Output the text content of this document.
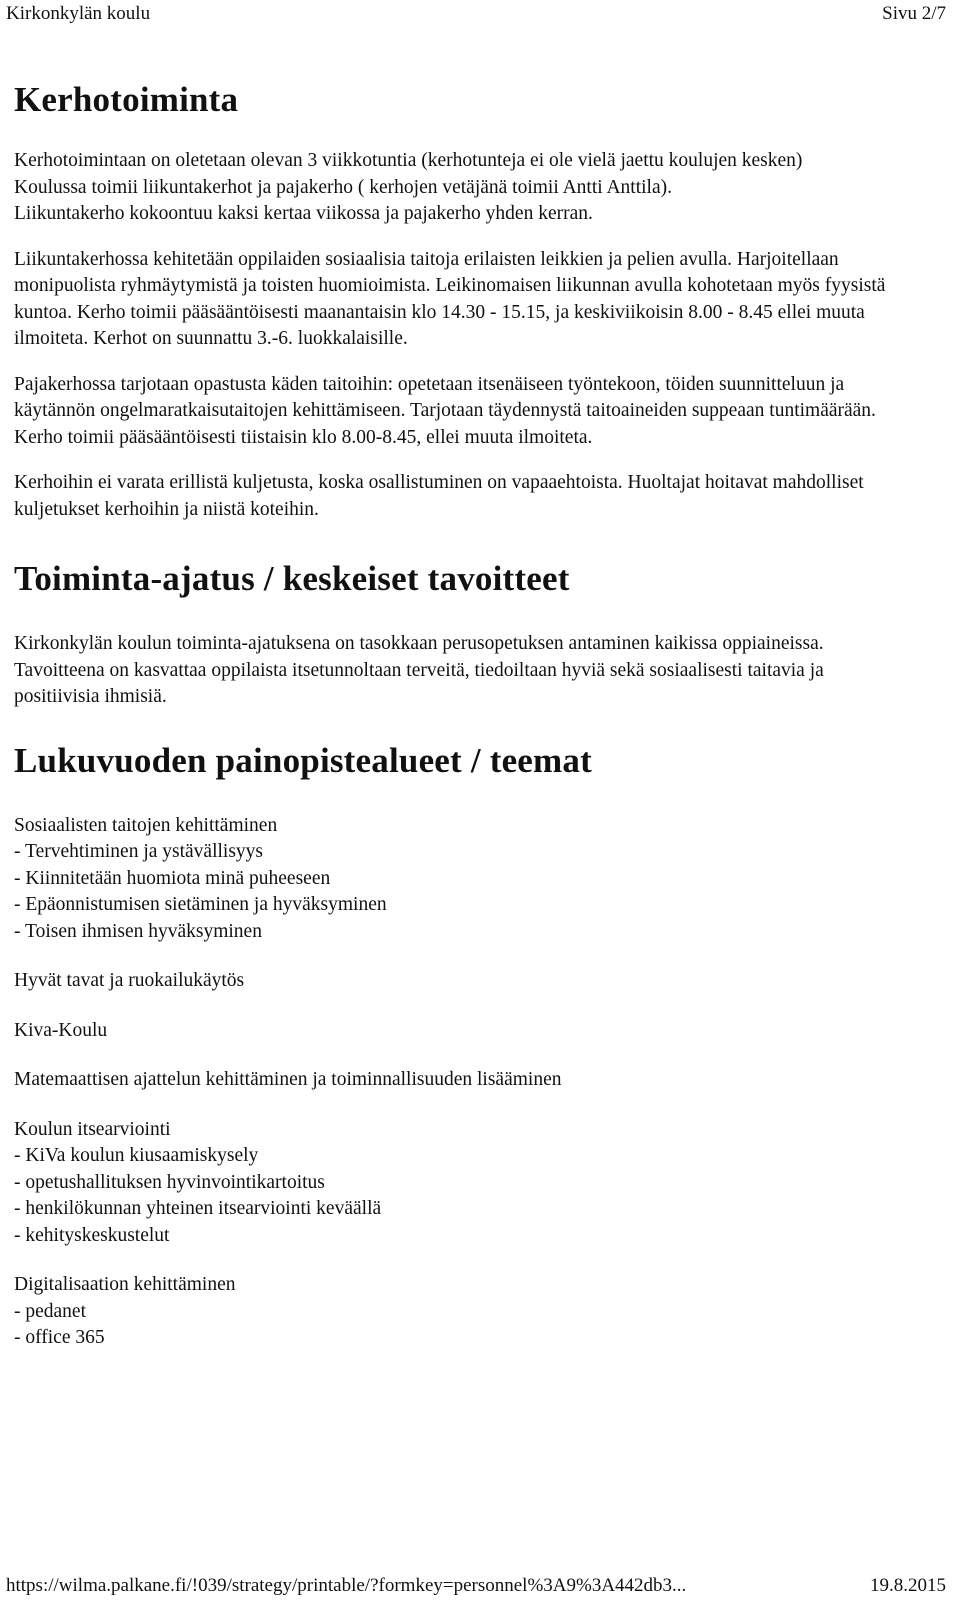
Kirkonkylän koulu	Sivu 2/7
Kerhotoiminta

Kerhotoimintaan on oletetaan olevan 3 viikkotuntia (kerhotunteja ei ole vielä jaettu koulujen kesken)
Koulussa toimii liikuntakerhot ja pajakerho ( kerhojen vetäjänä toimii Antti Anttila).
Liikuntakerho kokoontuu kaksi kertaa viikossa ja pajakerho yhden kerran.

Liikuntakerhossa kehitetään oppilaiden sosiaalisia taitoja erilaisten leikkien ja pelien avulla. Harjoitellaan monipuolista ryhmäytymistä ja toisten huomioimista. Leikinomaisen liikunnan avulla kohotetaan myös fyysistä kuntoa. Kerho toimii pääsääntöisesti maanantaisin klo 14.30 - 15.15, ja keskiviikoisin 8.00 - 8.45 ellei muuta ilmoiteta. Kerhot on suunnattu 3.-6. luokkalaisille.

Pajakerhossa tarjotaan opastusta käden taitoihin: opetetaan itsenäiseen työntekoon, töiden suunnitteluun ja käytännön ongelmaratkaisutaitojen kehittämiseen. Tarjotaan täydennystä taitoaineiden suppeaan tuntimäärään. Kerho toimii pääsääntöisesti tiistaisin klo 8.00-8.45, ellei muuta ilmoiteta.

Kerhoihin ei varata erillistä kuljetusta, koska osallistuminen on vapaaehtoista. Huoltajat hoitavat mahdolliset kuljetukset kerhoihin ja niistä koteihin.

Toiminta-ajatus / keskeiset tavoitteet

Kirkonkylän koulun toiminta-ajatuksena on tasokkaan perusopetuksen antaminen kaikissa oppiaineissa. Tavoitteena on kasvattaa oppilaista itsetunnoltaan terveitä, tiedoiltaan hyviä sekä sosiaalisesti taitavia ja positiivisia ihmisiä.

Lukuvuoden painopistealueet / teemat
Sosiaalisten taitojen kehittäminen
- Tervehtiminen ja ystävällisyys
- Kiinnitetään huomiota minä puheeseen
- Epäonnistumisen sietäminen ja hyväksyminen
- Toisen ihmisen hyväksyminen
Hyvät tavat ja ruokailukäytös
Kiva-Koulu
Matemaattisen ajattelun kehittäminen ja toiminnallisuuden lisääminen
Koulun itsearviointi
- KiVa koulun kiusaamiskysely
- opetushallituksen hyvinvointikartoitus
- henkilökunnan yhteinen itsearviointi keväällä
- kehityskeskustelut
Digitalisaation kehittäminen
- pedanet
- office 365
https://wilma.palkane.fi/!039/strategy/printable/?formkey=personnel%3A9%3A442db3...	19.8.2015
